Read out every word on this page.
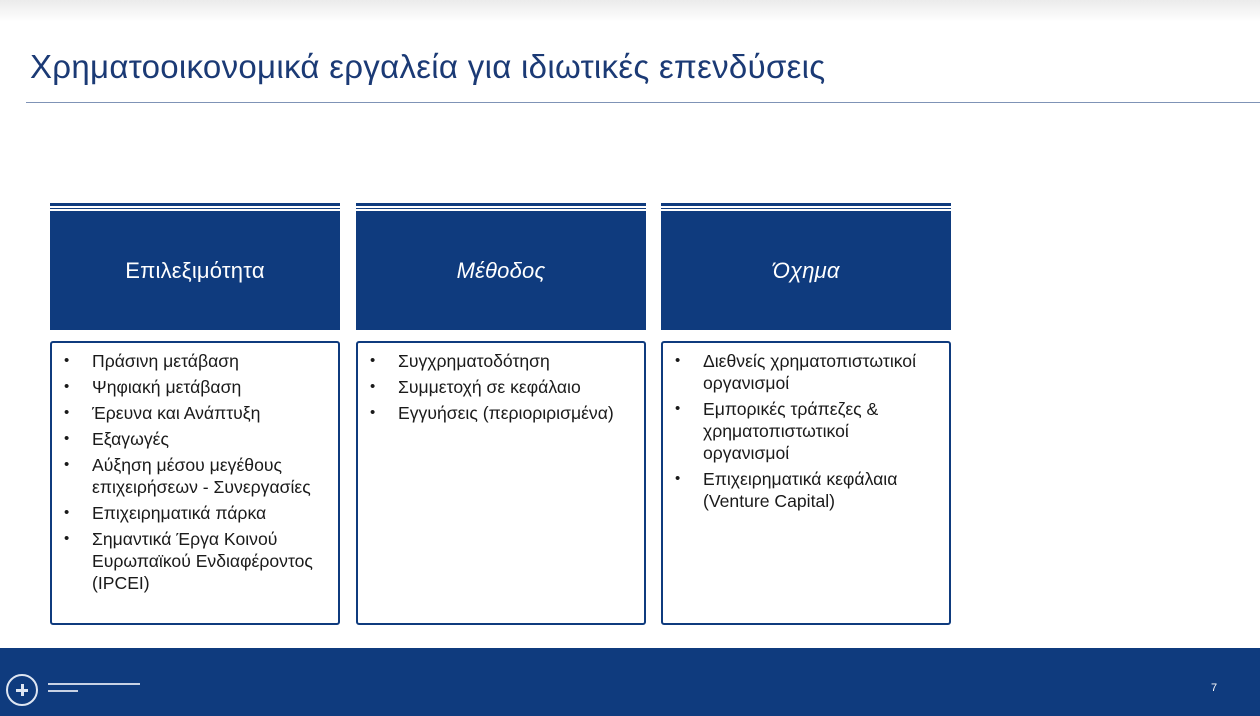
Χρηματοοικονομικά εργαλεία για ιδιωτικές επενδύσεις
Επιλεξιμότητα
• Πράσινη μετάβαση
• Ψηφιακή μετάβαση
• Έρευνα και Ανάπτυξη
• Εξαγωγές
• Αύξηση μέσου μεγέθους επιχειρήσεων - Συνεργασίες
• Επιχειρηματικά πάρκα
• Σημαντικά Έργα Κοινού Ευρωπαϊκού Ενδιαφέροντος (IPCEI)
Μέθοδος
• Συγχρηματοδότηση
• Συμμετοχή σε κεφάλαιο
• Εγγυήσεις (περιοριρισμένα)
Όχημα
• Διεθνείς χρηματοπιστωτικοί οργανισμοί
• Εμπορικές τράπεζες & χρηματοπιστωτικοί οργανισμοί
• Επιχειρηματικά κεφάλαια (Venture Capital)
7
